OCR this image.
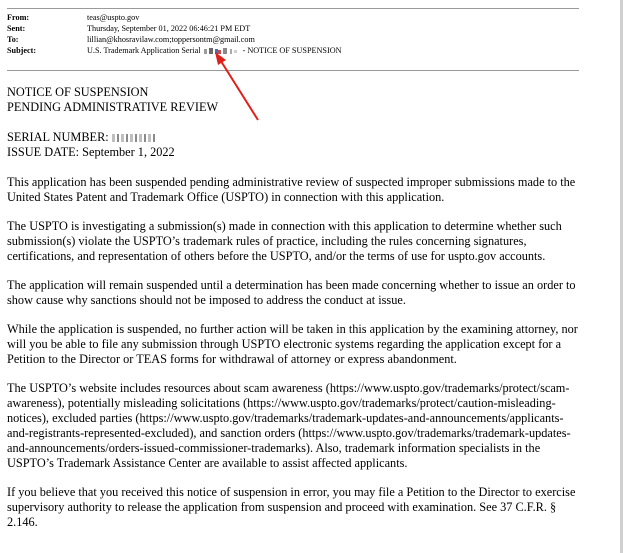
From:	teas@uspto.gov
Sent:	Thursday, September 01, 2022 06:46:21 PM EDT
To:	lillian@khosravilaw.com;toppersontm@gmail.com
Subject:	U.S. Trademark Application Serial	- NOTICE OF SUSPENSION

NOTICE OF SUSPENSION
PENDING ADMINISTRATIVE REVIEW

SERIAL NUMBER:
ISSUE DATE: September 1, 2022

This application has been suspended pending administrative review of suspected improper submissions made to the United States Patent and Trademark Office (USPTO) in connection with this application.

The USPTO is investigating a submission(s) made in connection with this application to determine whether such submission(s) violate the USPTO’s trademark rules of practice, including the rules concerning signatures, certifications, and representation of others before the USPTO, and/or the terms of use for uspto.gov accounts.

The application will remain suspended until a determination has been made concerning whether to issue an order to show cause why sanctions should not be imposed to address the conduct at issue.

While the application is suspended, no further action will be taken in this application by the examining attorney, nor will you be able to file any submission through USPTO electronic systems regarding the application except for a Petition to the Director or TEAS forms for withdrawal of attorney or express abandonment.

The USPTO’s website includes resources about scam awareness (https://www.uspto.gov/trademarks/protect/scam-awareness), potentially misleading solicitations (https://www.uspto.gov/trademarks/protect/caution-misleading-notices), excluded parties (https://www.uspto.gov/trademarks/trademark-updates-and-announcements/applicants-and-registrants-represented-excluded), and sanction orders (https://www.uspto.gov/trademarks/trademark-updates-and-announcements/orders-issued-commissioner-trademarks). Also, trademark information specialists in the USPTO’s Trademark Assistance Center are available to assist affected applicants.

If you believe that you received this notice of suspension in error, you may file a Petition to the Director to exercise supervisory authority to release the application from suspension and proceed with examination. See 37 C.F.R. § 2.146.
